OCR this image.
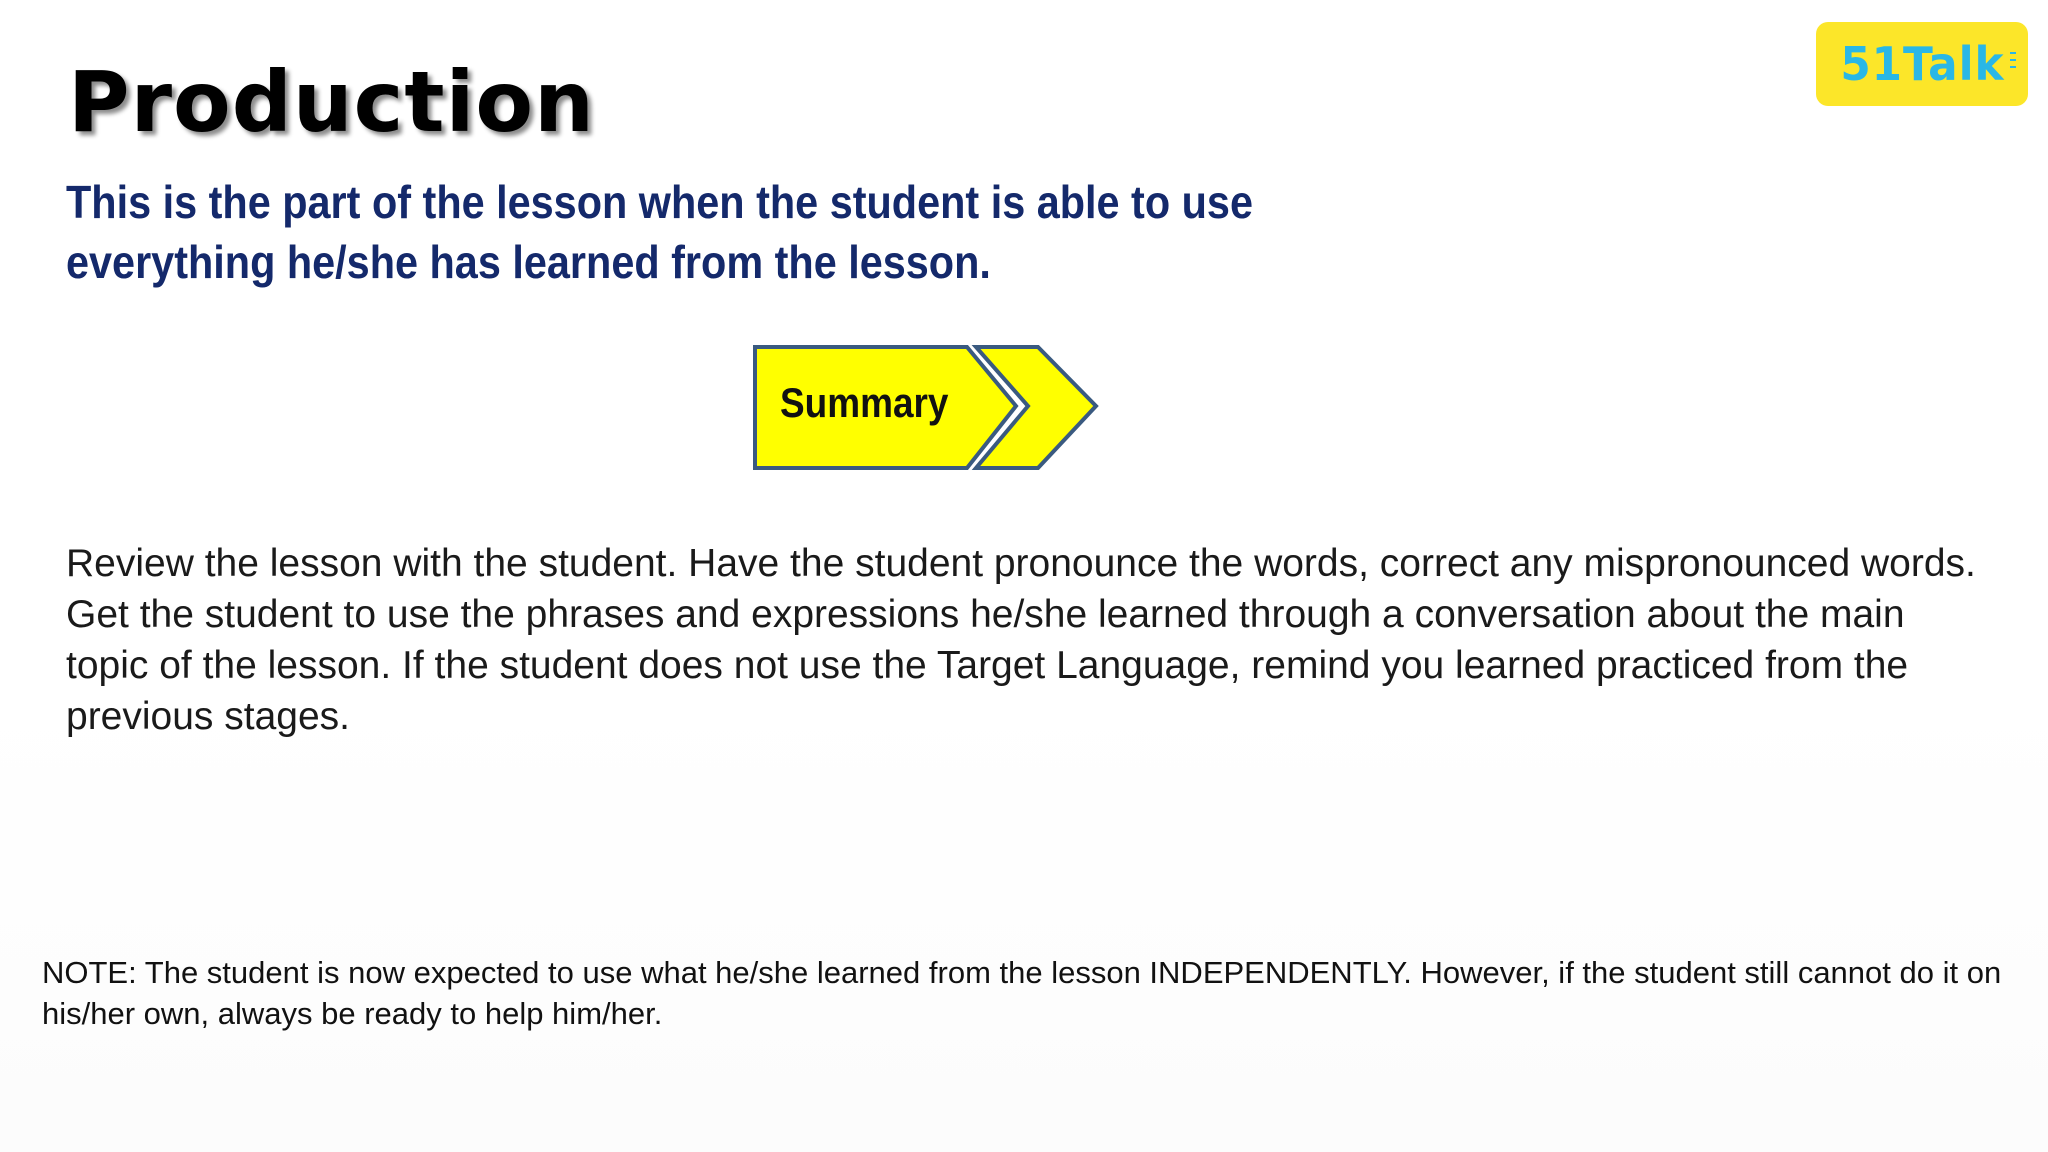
Production

This is the part of the lesson when the student is able to use everything he/she has learned from the lesson.

51Talk
Summary

Review the lesson with the student. Have the student pronounce the words, correct any mispronounced words. Get the student to use the phrases and expressions he/she learned through a conversation about the main topic of the lesson. If the student does not use the Target Language, remind you learned practiced from the previous stages.

NOTE: The student is now expected to use what he/she learned from the lesson INDEPENDENTLY. However, if the student still cannot do it on his/her own, always be ready to help him/her.
